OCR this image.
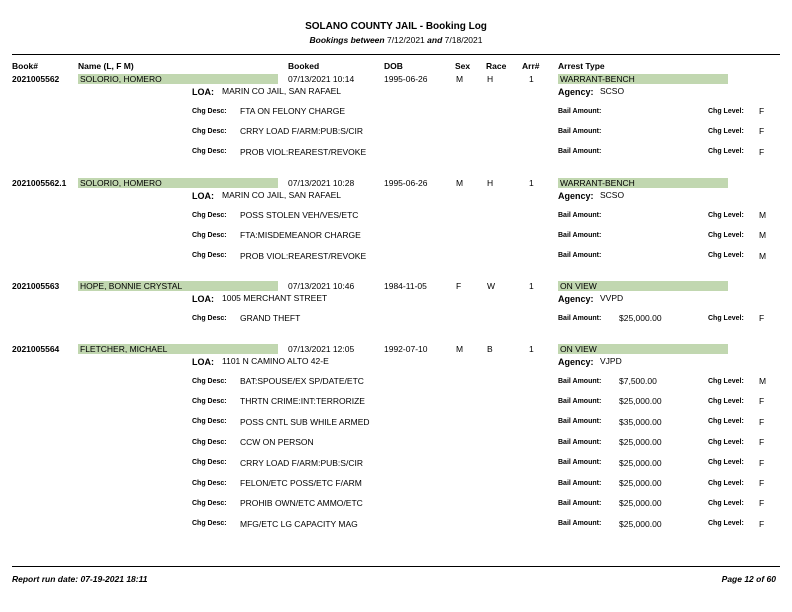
SOLANO COUNTY JAIL - Booking Log
Bookings between 7/12/2021 and 7/18/2021
Book#	Name (L, F M)	Booked	DOB	Sex Race Arr# Arrest Type
2021005562 SOLORIO, HOMERO	07/13/2021 10:14	1995-06-26	M	H	1	WARRANT-BENCH
LOA: MARIN CO JAIL, SAN RAFAEL	Agency: SCSO
Chg Desc: FTA ON FELONY CHARGE	Bail Amount:	Chg Level: F
Chg Desc: CRRY LOAD F/ARM:PUB:S/CIR	Bail Amount:	Chg Level: F
Chg Desc: PROB VIOL:REAREST/REVOKE	Bail Amount:	Chg Level: F
2021005562.1 SOLORIO, HOMERO	07/13/2021 10:28	1995-06-26	M	H	1	WARRANT-BENCH
LOA: MARIN CO JAIL, SAN RAFAEL	Agency: SCSO
Chg Desc: POSS STOLEN VEH/VES/ETC	Bail Amount:	Chg Level: M
Chg Desc: FTA:MISDEMEANOR CHARGE	Bail Amount:	Chg Level: M
Chg Desc: PROB VIOL:REAREST/REVOKE	Bail Amount:	Chg Level: M
2021005563 HOPE, BONNIE CRYSTAL	07/13/2021 10:46	1984-11-05	F	W	1	ON VIEW
LOA: 1005 MERCHANT STREET	Agency: VVPD
Chg Desc: GRAND THEFT	Bail Amount: $25,000.00	Chg Level: F
2021005564 FLETCHER, MICHAEL	07/13/2021 12:05	1992-07-10	M	B	1	ON VIEW
LOA: 1101 N CAMINO ALTO 42-E	Agency: VJPD
Chg Desc: BAT:SPOUSE/EX SP/DATE/ETC	Bail Amount: $7,500.00	Chg Level: M
Chg Desc: THRTN CRIME:INT:TERRORIZE	Bail Amount: $25,000.00	Chg Level: F
Chg Desc: POSS CNTL SUB WHILE ARMED	Bail Amount: $35,000.00	Chg Level: F
Chg Desc: CCW ON PERSON	Bail Amount: $25,000.00	Chg Level: F
Chg Desc: CRRY LOAD F/ARM:PUB:S/CIR	Bail Amount: $25,000.00	Chg Level: F
Chg Desc: FELON/ETC POSS/ETC F/ARM	Bail Amount: $25,000.00	Chg Level: F
Chg Desc: PROHIB OWN/ETC AMMO/ETC	Bail Amount: $25,000.00	Chg Level: F
Chg Desc: MFG/ETC LG CAPACITY MAG	Bail Amount: $25,000.00	Chg Level: F
Report run date: 07-19-2021 18:11	Page 12 of 60
